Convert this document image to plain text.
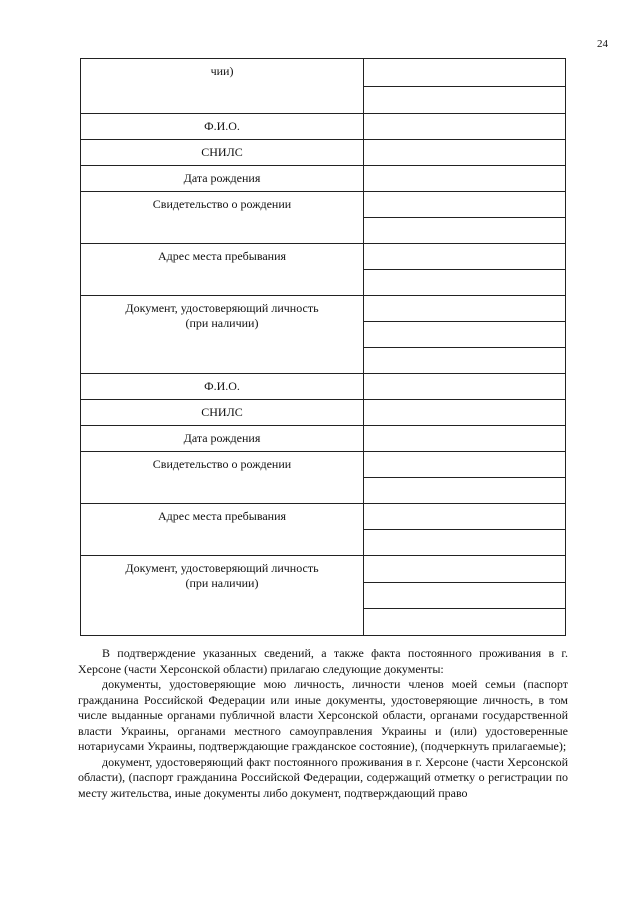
24
чии)
Ф.И.О.
СНИЛС
Дата рождения
Свидетельство о рождении
Адрес места пребывания
Документ, удостоверяющий личность
(при наличии)
Ф.И.О.
СНИЛС
Дата рождения
Свидетельство о рождении
Адрес места пребывания
Документ, удостоверяющий личность
(при наличии)

В подтверждение указанных сведений, а также факта постоянного проживания в г. Херсоне (части Херсонской области) прилагаю следующие документы:

документы, удостоверяющие мою личность, личности членов моей семьи (паспорт гражданина Российской Федерации или иные документы, удостоверяющие личность, в том числе выданные органами публичной власти Херсонской области, органами государственной власти Украины, органами местного самоуправления Украины и (или) удостоверенные нотариусами Украины, подтверждающие гражданское состояние), (подчеркнуть прилагаемые);

документ, удостоверяющий факт постоянного проживания в г. Херсоне (части Херсонской области), (паспорт гражданина Российской Федерации, содержащий отметку о регистрации по месту жительства, иные документы либо документ, подтверждающий право
